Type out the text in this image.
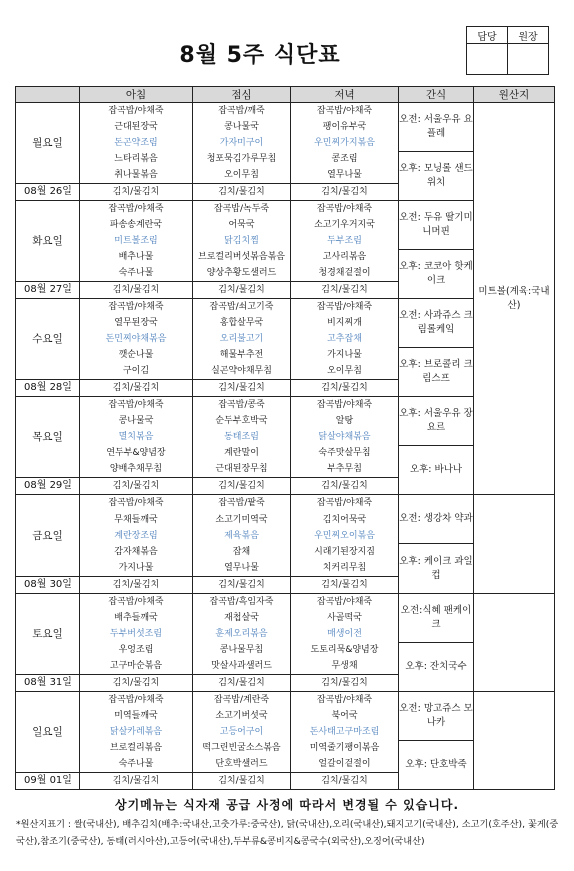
8월 5주 식단표
담당	원장

	아침	점심	저녁	간식	원산지	
월요일	잡곡밥/야채죽	잡곡밥/깨죽	잡곡밥/야채죽	오전: 서울우유 요플레	미트볼(계육:국내산)	
	근대된장국	콩나물국	팽이유부국			
	돈곤약조림	가자미구이	우민찌가지볶음			
	느타리볶음	청포묵김가루무침	콩조림	오후: 모닝롤 샌드위치		
	취나물볶음	오이무침	열무나물			
08월 26일	김치/물김치	김치/물김치	김치/물김치			
화요일	잡곡밥/야채죽	잡곡밥/녹두죽	잡곡밥/야채죽	오전: 두유 딸기미니머핀		
	파송송계란국	어묵국	소고기우거지국			
	미트볼조림	닭김치찜	두부조림			
	배추나물	브로컬리버섯볶음볶음	고사리볶음	오후: 코코아 핫케이크		
	숙주나물	양상추황도샐러드	청경채겉절이			
08월 27일	김치/물김치	김치/물김치	김치/물김치			
수요일	잡곡밥/야채죽	잡곡밥/쇠고기죽	잡곡밥/야채죽	오전: 사과쥬스 크림롤케잌		
	열무된장국	홍합살무국	비지찌개			
	돈민찌야채볶음	오리불고기	고추잡채			
	깻순나물	해물부추전	가지나물	오후: 브로콜리 크림스프		
	구이김	실곤약야채무침	오이무침			
08월 28일	김치/물김치	김치/물김치	김치/물김치			
목요일	잡곡밥/야채죽	잡곡밥/콩죽	잡곡밥/야채죽	오후: 서울우유 장요르	
	콩나물국	순두부호박국	알탕			
	멸치볶음	동태조림	닭살야채볶음			
	연두부&양념장	계란말이	숙주맛살무침	오후: 바나나		
	양배추채무침	근대된장무침	부추무침			
08월 29일	김치/물김치	김치/물김치	김치/물김치			
금요일	잡곡밥/야채죽	잡곡밥/팥죽	잡곡밥/야채죽	오전: 생강차 약과		
	무채들깨국	소고기미역국	김치어묵국			
	계란장조림	제육볶음	우민찌오이볶음			
	감자채볶음	잡채	시래기된장지짐	오후: 케이크 과일 컵		
	가지나물	열무나물	치커리무침			
08월 30일	김치/물김치	김치/물김치	김치/물김치			
토요일	잡곡밥/야채죽	잡곡밥/흑임자죽	잡곡밥/야채죽	오전:식혜 팬케이크		
	배추들깨국	재첩살국	사골떡국			
	두부버섯조림	훈제오리볶음	매생이전			
	우엉조림	콩나물무침	도토리묵&양념장	오후: 잔치국수		
	고구마순볶음	맛살사과샐러드	무생채			
08월 31일	김치/물김치	김치/물김치	김치/물김치			
일요일	잡곡밥/야채죽	잡곡밥/계란죽	잡곡밥/야채죽	오전: 망고쥬스 모나카		
	미역들깨국	소고기버섯국	북어국			
	닭살카레볶음	고등어구이	돈사태고구마조림			
	브로컬리볶음	떡그린빈굴소스볶음	미역줄기팽이볶음	오후: 단호박죽		
	숙주나물	단호박샐러드	얼갈이겉절이			
09월 01일	김치/물김치	김치/물김치	김치/물김치			
상기메뉴는 식자재 공급 사정에 따라서 변경될 수 있습니다.
*원산지표기 : 쌀(국내산), 배추김치(배추:국내산,고춧가루:중국산), 닭(국내산),오리(국내산),돼지고기(국내산), 소고기(호주산), 꽃게(중국산),참조기(중국산), 동태(러시아산),고등어(국내산),두부류&콩비지&콩국수(외국산),오징어(국내산)
